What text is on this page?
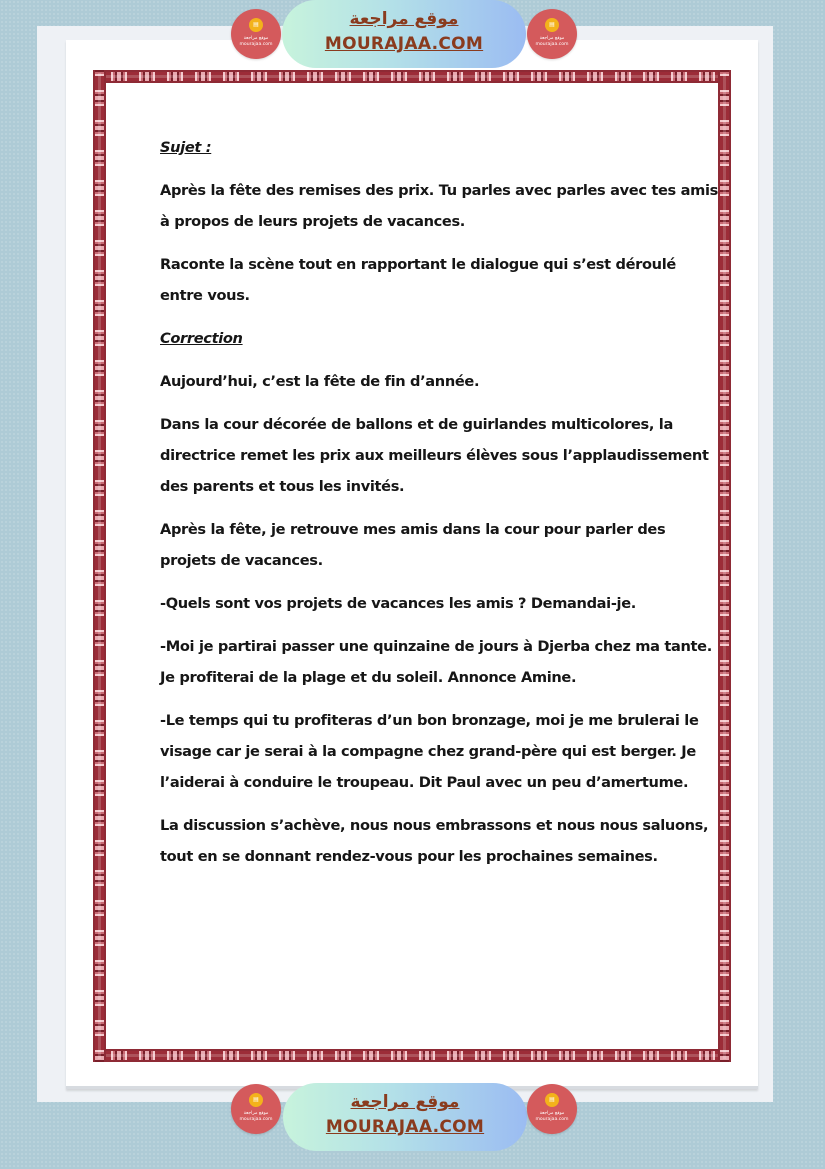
Sujet :

Après la fête des remises des prix. Tu parles avec parles avec tes amis à propos de leurs projets de vacances.

Raconte la scène tout en rapportant le dialogue qui s’est déroulé entre vous.

Correction

Aujourd’hui, c’est la fête de fin d’année.

Dans la cour décorée de ballons et de guirlandes multicolores, la directrice remet les prix aux meilleurs élèves sous l’applaudissement des parents et tous les invités.

Après la fête, je retrouve mes amis dans la cour pour parler des projets de vacances.

-Quels sont vos projets de vacances les amis ? Demandai-je.

-Moi je partirai passer une quinzaine de jours à Djerba chez ma tante. Je profiterai de la plage et du soleil. Annonce Amine.

-Le temps qui tu profiteras d’un bon bronzage, moi je me brulerai le visage car je serai à la compagne chez grand-père qui est berger. Je l’aiderai à conduire le troupeau. Dit Paul avec un peu d’amertume.

La discussion s’achève, nous nous embrassons et nous nous saluons, tout en se donnant rendez-vous pour les prochaines semaines.

▤
موقع مراجعة
mourajaa.com
موقع مراجعة
MOURAJAA.COM
▤
موقع مراجعة
mourajaa.com
▤
موقع مراجعة
mourajaa.com
موقع مراجعة
MOURAJAA.COM
▤
موقع مراجعة
mourajaa.com
